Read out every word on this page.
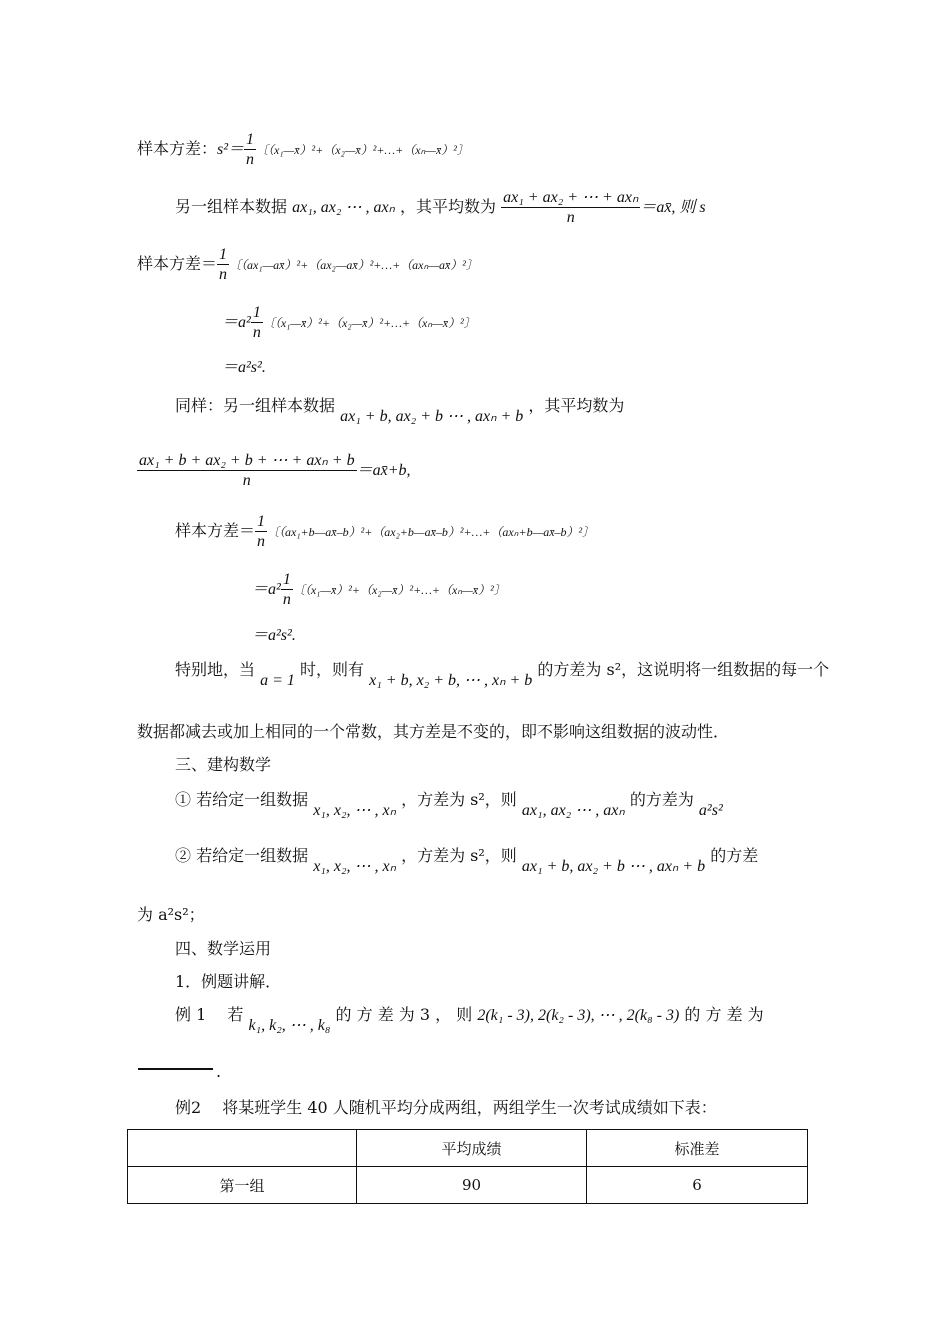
样本方差：$s^2= \frac{1}{n}$ 〔（x₁—x̄）²+（x₂—x̄）²+…+（xₙ—x̄）²〕
另一组样本数据 ax₁, ax₂ ⋯ , axₙ ，其平均数为 $\frac{\text{ax₁ + ax₂ + ⋯ + axₙ}}{n}$ ＝ax̄, 则 s
样本方差＝ $\frac{1}{n}$ 〔（ax₁—ax̄）²+（ax₂—ax̄）²+…+（axₙ—ax̄）²〕
$=a^2 \frac{1}{n}$ 〔（x₁—x̄）²+（x₂—x̄）²+…+（xₙ—x̄）²〕
＝a²s².
同样：另一组样本数据 ax₁ + b, ax₂ + b ⋯ , axₙ + b ，其平均数为
$\frac{\text{ax₁ + b + ax₂ + b + ⋯ + axₙ + b}}{n}$ ＝ax̄+b,
样本方差＝ $\frac{1}{n}$ 〔（ax₁+b—ax̄–b）²+（ax₂+b—ax̄–b）²+…+（axₙ+b—ax̄–b）²〕
$=a^2 \frac{1}{n}$ 〔（x₁—x̄）²+（x₂—x̄）²+…+（xₙ—x̄）²〕
＝a²s².
特别地，当 a = 1 时，则有 x₁ + b, x₂ + b, ⋯ , xₙ + b 的方差为 s²，这说明将一组数据的每一个
数据都减去或加上相同的一个常数，其方差是不变的，即不影响这组数据的波动性．
三、建构数学
① 若给定一组数据 x₁, x₂, ⋯ , xₙ ，方差为 s²，则 ax₁, ax₂ ⋯ , axₙ 的方差为 a²s²
② 若给定一组数据 x₁, x₂, ⋯ , xₙ ，方差为 s²，则 ax₁ + b, ax₂ + b ⋯ , axₙ + b 的方差
为 a²s²；
四、数学运用
1．例题讲解．
例 1　 若 k₁, k₂, ⋯ , k₈ 的 方 差 为 3 ， 则 2(k₁ - 3), 2(k₂ - 3), ⋯ , 2(k₈ - 3) 的 方 差 为
.
例2　 将某班学生 40 人随机平均分成两组，两组学生一次考试成绩如下表：
	平均成绩	标准差
第一组	90	6
